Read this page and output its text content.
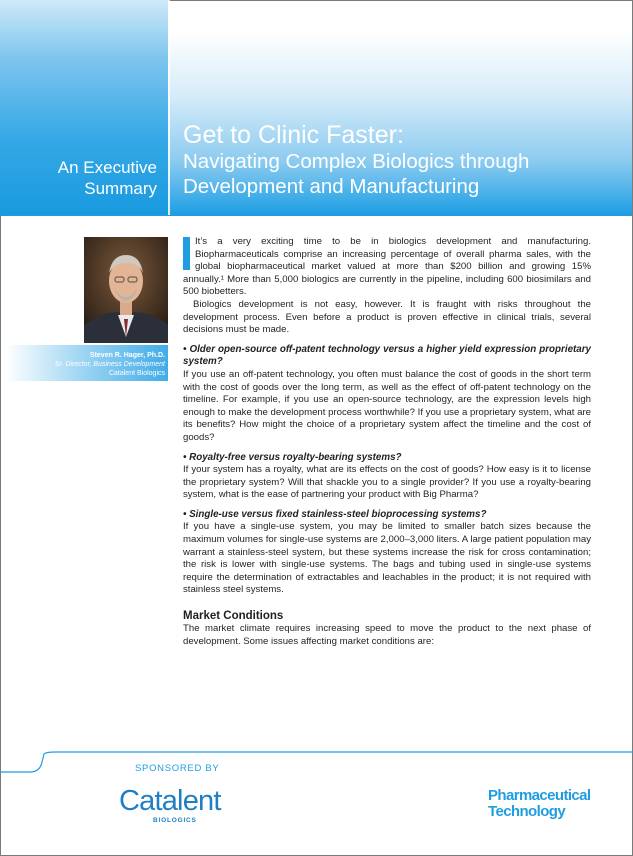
An Executive
Summary
Get to Clinic Faster:
Navigating Complex Biologics through Development and Manufacturing
Steven R. Hager, Ph.D.
Sr. Director, Business Development
Catalent Biologics

It’s a very exciting time to be in biologics development and manufacturing. Biopharmaceuticals comprise an increasing percentage of overall pharma sales, with the global biopharmaceutical market valued at more than $200 billion and growing 15% annually.¹ More than 5,000 biologics are currently in the pipeline, including 600 biosimilars and 500 biobetters.

Biologics development is not easy, however. It is fraught with risks throughout the development process. Even before a product is proven effective in clinical trials, several decisions must be made.

• Older open-source off-patent technology versus a higher yield expression proprietary system?

If you use an off-patent technology, you often must balance the cost of goods in the short term with the cost of goods over the long term, as well as the effect of off-patent technology on the timeline. For example, if you use an open-source technology, are the expression levels high enough to make the development process worthwhile? If you use a proprietary system, what are its benefits? How might the choice of a proprietary system affect the timeline and the cost of goods?

• Royalty-free versus royalty-bearing systems?

If your system has a royalty, what are its effects on the cost of goods? How easy is it to license the proprietary system? Will that shackle you to a single provider? If you use a royalty-bearing system, what is the ease of partnering your product with Big Pharma?

• Single-use versus fixed stainless-steel bioprocessing systems?

If you have a single-use system, you may be limited to smaller batch sizes because the maximum volumes for single-use systems are 2,000–3,000 liters. A large patient population may warrant a stainless-steel system, but these systems increase the risk for cross contamination; the risk is lower with single-use systems. The bags and tubing used in single-use systems require the determination of extractables and leachables in the product; it is not required with stainless steel systems.

Market Conditions

The market climate requires increasing speed to move the product to the next phase of development. Some issues affecting market conditions are:

SPONSORED BY
Catalent
BIOLOGICS
Pharmaceutical
Technology
